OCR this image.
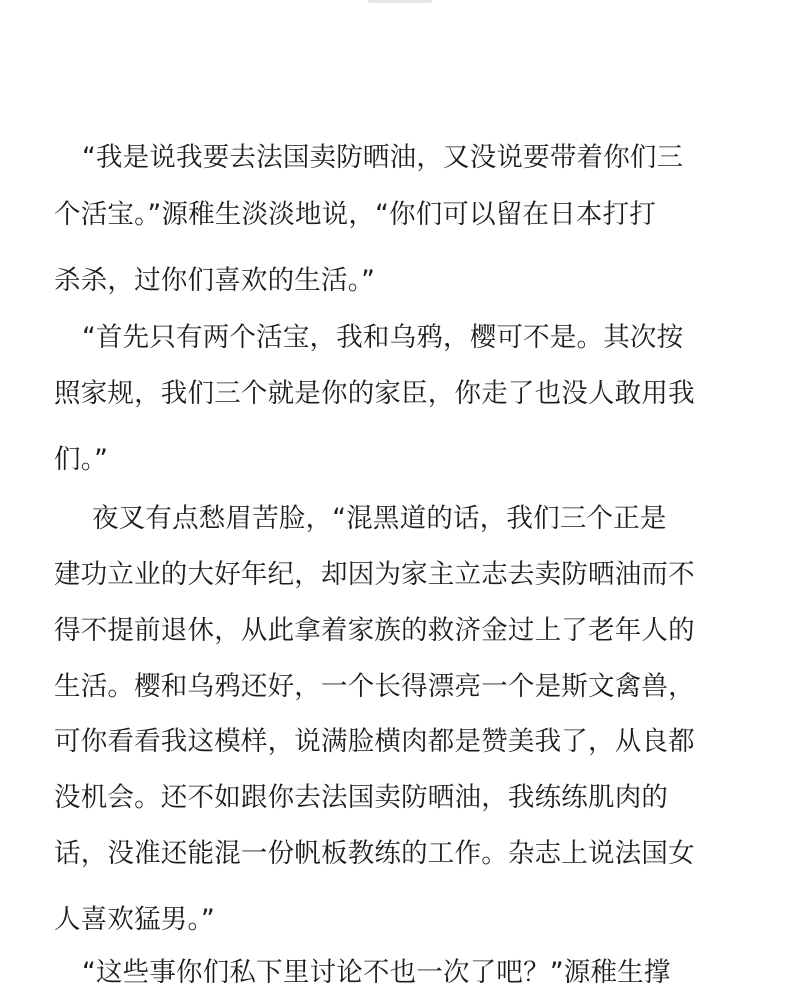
“我是说我要去法国卖防晒油，又没说要带着你们三
个活宝。”源稚生淡淡地说，“你们可以留在日本打打
杀杀，过你们喜欢的生活。”
“首先只有两个活宝，我和乌鸦，樱可不是。其次按
照家规，我们三个就是你的家臣，你走了也没人敢用我
们。”
夜叉有点愁眉苦脸，“混黑道的话，我们三个正是
建功立业的大好年纪，却因为家主立志去卖防晒油而不
得不提前退休，从此拿着家族的救济金过上了老年人的
生活。樱和乌鸦还好，一个长得漂亮一个是斯文禽兽，
可你看看我这模样，说满脸横肉都是赞美我了，从良都
没机会。还不如跟你去法国卖防晒油，我练练肌肉的
话，没准还能混一份帆板教练的工作。杂志上说法国女
人喜欢猛男。”
“这些事你们私下里讨论不也一次了吧？”源稚生撑
